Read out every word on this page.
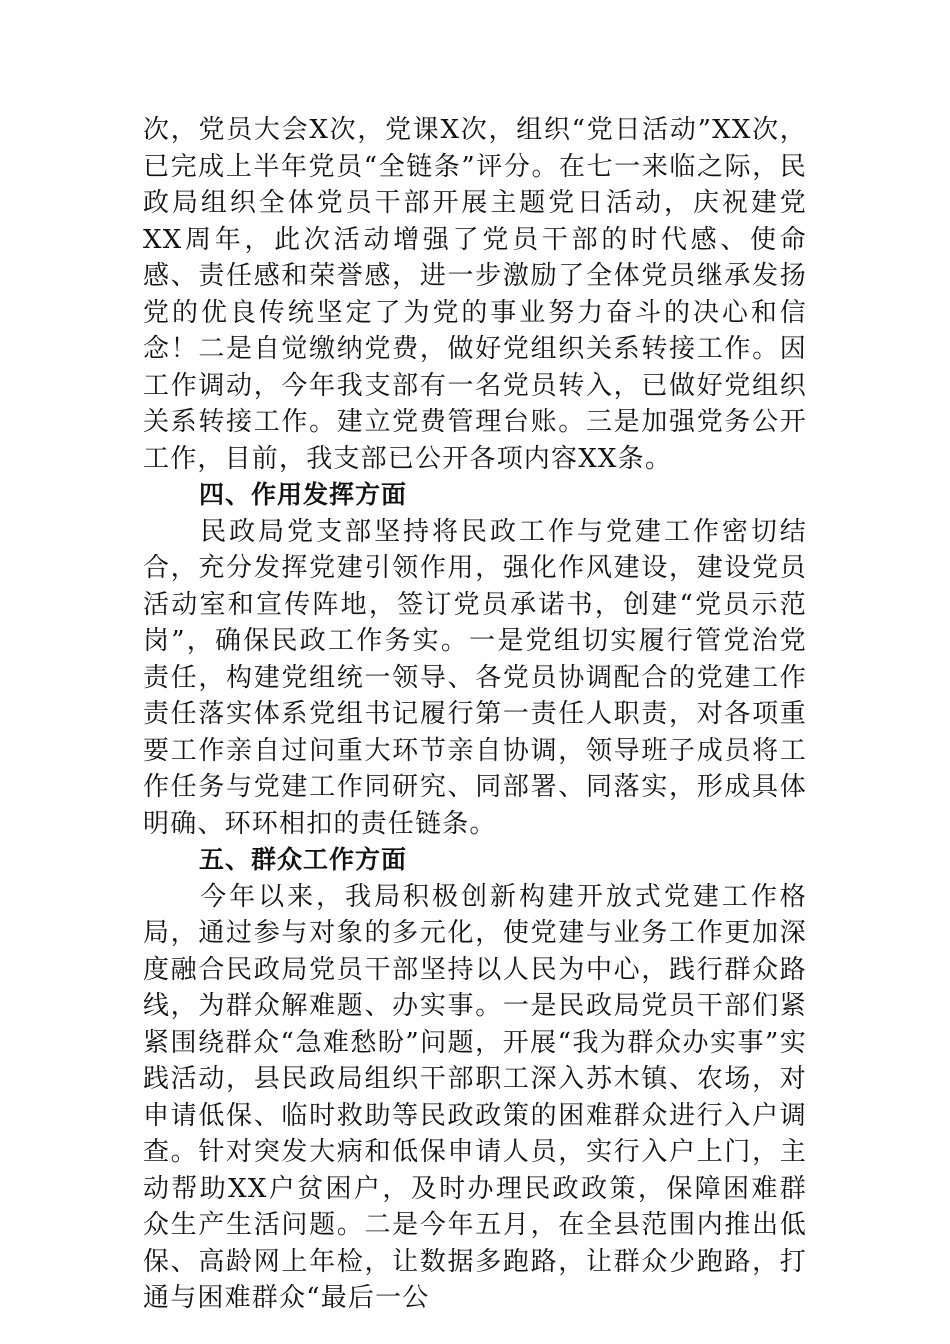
次，党员大会X次，党课X次，组织“党日活动”XX次，已完成上半年党员“全链条”评分。在七一来临之际，民政局组织全体党员干部开展主题党日活动，庆祝建党XX周年，此次活动增强了党员干部的时代感、使命感、责任感和荣誉感，进一步激励了全体党员继承发扬党的优良传统坚定了为党的事业努力奋斗的决心和信念！二是自觉缴纳党费，做好党组织关系转接工作。因工作调动，今年我支部有一名党员转入，已做好党组织关系转接工作。建立党费管理台账。三是加强党务公开工作，目前，我支部已公开各项内容XX条。

四、作用发挥方面

民政局党支部坚持将民政工作与党建工作密切结合，充分发挥党建引领作用，强化作风建设，建设党员活动室和宣传阵地，签订党员承诺书，创建“党员示范岗”，确保民政工作务实。一是党组切实履行管党治党责任，构建党组统一领导、各党员协调配合的党建工作责任落实体系党组书记履行第一责任人职责，对各项重要工作亲自过问重大环节亲自协调，领导班子成员将工作任务与党建工作同研究、同部署、同落实，形成具体明确、环环相扣的责任链条。

五、群众工作方面

今年以来，我局积极创新构建开放式党建工作格局，通过参与对象的多元化，使党建与业务工作更加深度融合民政局党员干部坚持以人民为中心，践行群众路线，为群众解难题、办实事。一是民政局党员干部们紧紧围绕群众“急难愁盼”问题，开展“我为群众办实事”实践活动，县民政局组织干部职工深入苏木镇、农场，对申请低保、临时救助等民政政策的困难群众进行入户调查。针对突发大病和低保申请人员，实行入户上门，主动帮助XX户贫困户，及时办理民政政策，保障困难群众生产生活问题。二是今年五月，在全县范围内推出低保、高龄网上年检，让数据多跑路，让群众少跑路，打通与困难群众“最后一公
